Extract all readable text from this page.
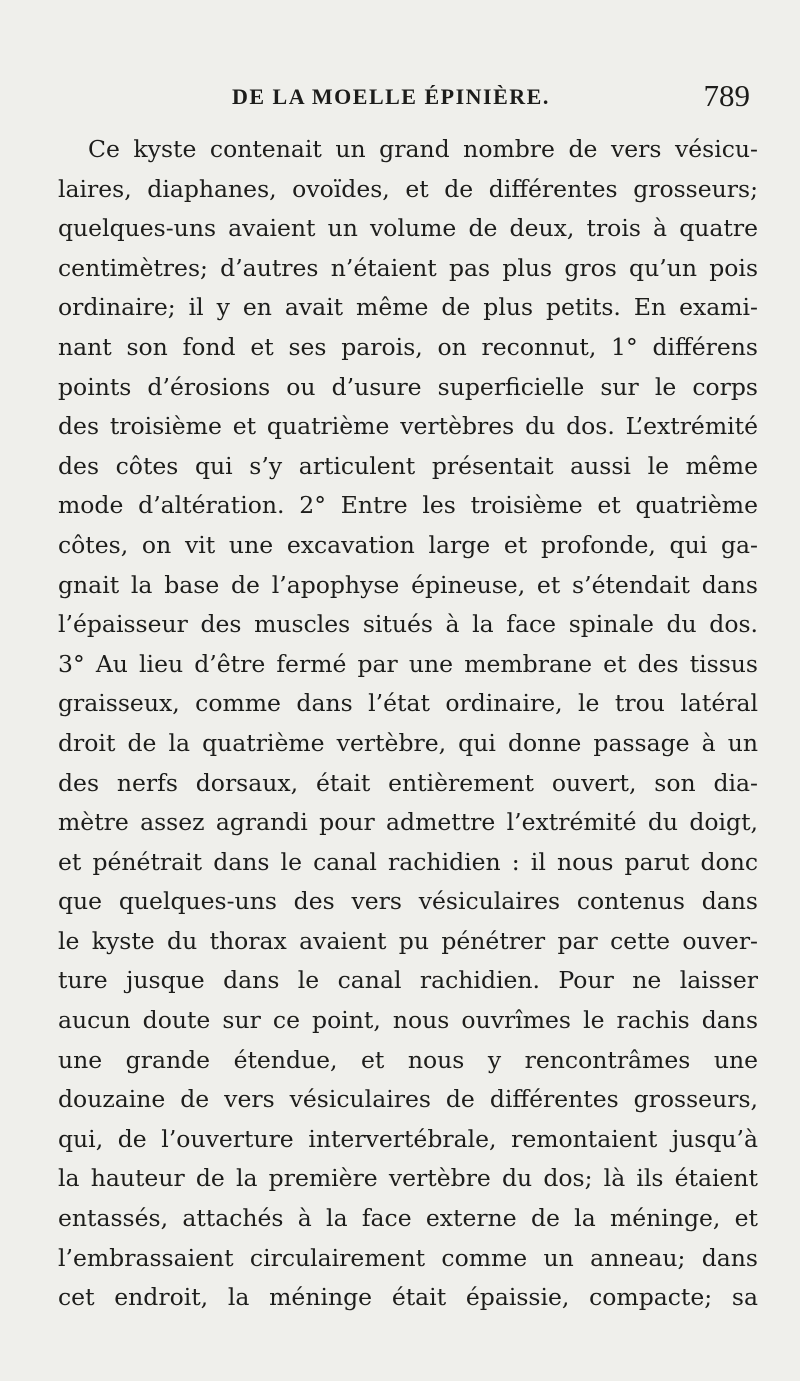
DE LA MOELLE ÉPINIÈRE.	789
Ce kyste contenait un grand nombre de vers vésicu-
laires, diaphanes, ovoïdes, et de différentes grosseurs;
quelques-uns avaient un volume de deux, trois à quatre
centimètres; d’autres n’étaient pas plus gros qu’un pois
ordinaire; il y en avait même de plus petits. En exami-
nant son fond et ses parois, on reconnut, 1° différens
points d’érosions ou d’usure superficielle sur le corps
des troisième et quatrième vertèbres du dos. L’extrémité
des côtes qui s’y articulent présentait aussi le même
mode d’altération. 2° Entre les troisième et quatrième
côtes, on vit une excavation large et profonde, qui ga-
gnait la base de l’apophyse épineuse, et s’étendait dans
l’épaisseur des muscles situés à la face spinale du dos.
3° Au lieu d’être fermé par une membrane et des tissus
graisseux, comme dans l’état ordinaire, le trou latéral
droit de la quatrième vertèbre, qui donne passage à un
des nerfs dorsaux, était entièrement ouvert, son dia-
mètre assez agrandi pour admettre l’extrémité du doigt,
et pénétrait dans le canal rachidien : il nous parut donc
que quelques-uns des vers vésiculaires contenus dans
le kyste du thorax avaient pu pénétrer par cette ouver-
ture jusque dans le canal rachidien. Pour ne laisser
aucun doute sur ce point, nous ouvrîmes le rachis dans
une grande étendue, et nous y rencontrâmes une
douzaine de vers vésiculaires de différentes grosseurs,
qui, de l’ouverture intervertébrale, remontaient jusqu’à
la hauteur de la première vertèbre du dos; là ils étaient
entassés, attachés à la face externe de la méninge, et
l’embrassaient circulairement comme un anneau; dans
cet endroit, la méninge était épaissie, compacte; sa
